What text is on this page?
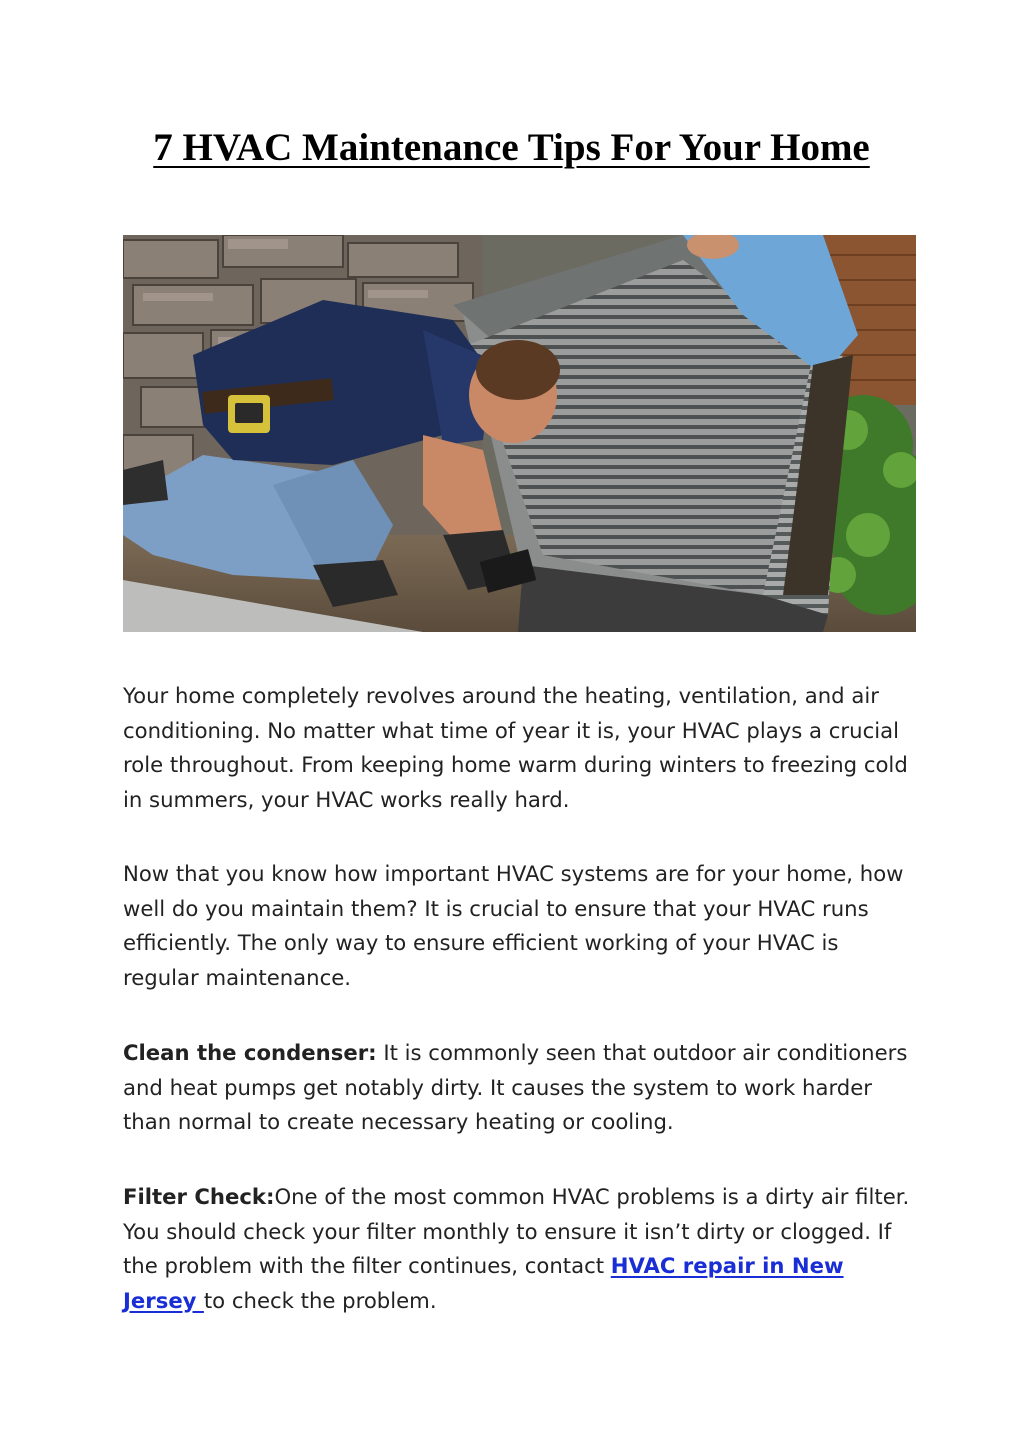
7 HVAC Maintenance Tips For Your Home

Your home completely revolves around the heating, ventilation, and air conditioning. No matter what time of year it is, your HVAC plays a crucial role throughout. From keeping home warm during winters to freezing cold in summers, your HVAC works really hard.

Now that you know how important HVAC systems are for your home, how well do you maintain them? It is crucial to ensure that your HVAC runs efficiently. The only way to ensure efficient working of your HVAC is regular maintenance.

Clean the condenser: It is commonly seen that outdoor air conditioners and heat pumps get notably dirty. It causes the system to work harder than normal to create necessary heating or cooling.

Filter Check:One of the most common HVAC problems is a dirty air filter. You should check your filter monthly to ensure it isn’t dirty or clogged. If the problem with the filter continues, contact HVAC repair in New Jersey to check the problem.
